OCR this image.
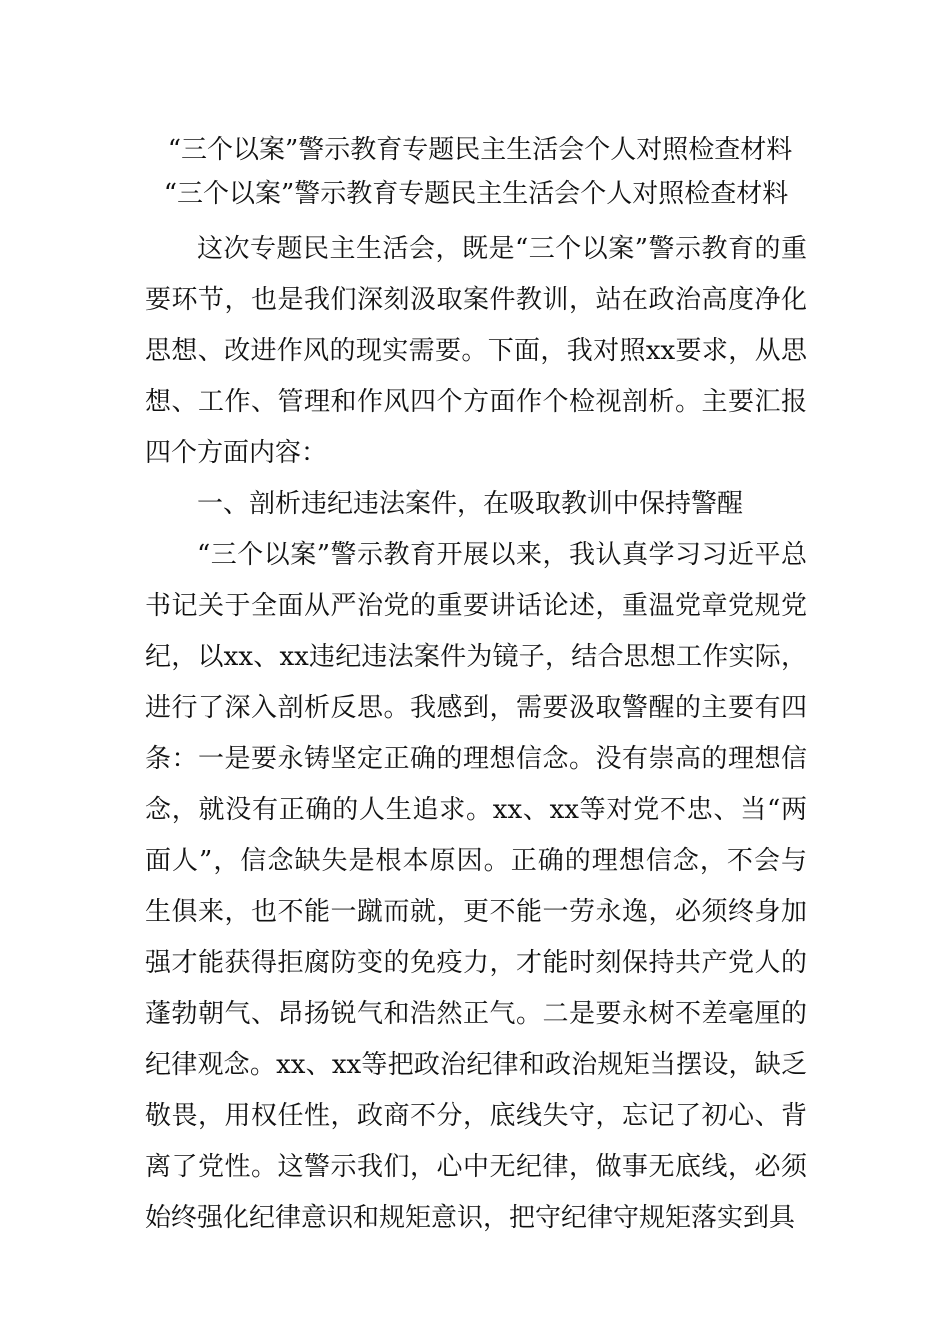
“三个以案”警示教育专题民主生活会个人对照检查材料
“三个以案”警示教育专题民主生活会个人对照检查材料

这次专题民主生活会，既是“三个以案”警示教育的重要环节，也是我们深刻汲取案件教训，站在政治高度净化思想、改进作风的现实需要。下面，我对照xx要求，从思想、工作、管理和作风四个方面作个检视剖析。主要汇报四个方面内容：

一、剖析违纪违法案件，在吸取教训中保持警醒

“三个以案”警示教育开展以来，我认真学习习近平总书记关于全面从严治党的重要讲话论述，重温党章党规党纪，以xx、xx违纪违法案件为镜子，结合思想工作实际，进行了深入剖析反思。我感到，需要汲取警醒的主要有四条：一是要永铸坚定正确的理想信念。没有崇高的理想信念，就没有正确的人生追求。xx、xx等对党不忠、当“两面人”，信念缺失是根本原因。正确的理想信念，不会与生俱来，也不能一蹴而就，更不能一劳永逸，必须终身加强才能获得拒腐防变的免疫力，才能时刻保持共产党人的蓬勃朝气、昂扬锐气和浩然正气。二是要永树不差毫厘的纪律观念。xx、xx等把政治纪律和政治规矩当摆设，缺乏敬畏，用权任性，政商不分，底线失守，忘记了初心、背离了党性。这警示我们，心中无纪律，做事无底线，必须始终强化纪律意识和规矩意识，把守纪律守规矩落实到具
